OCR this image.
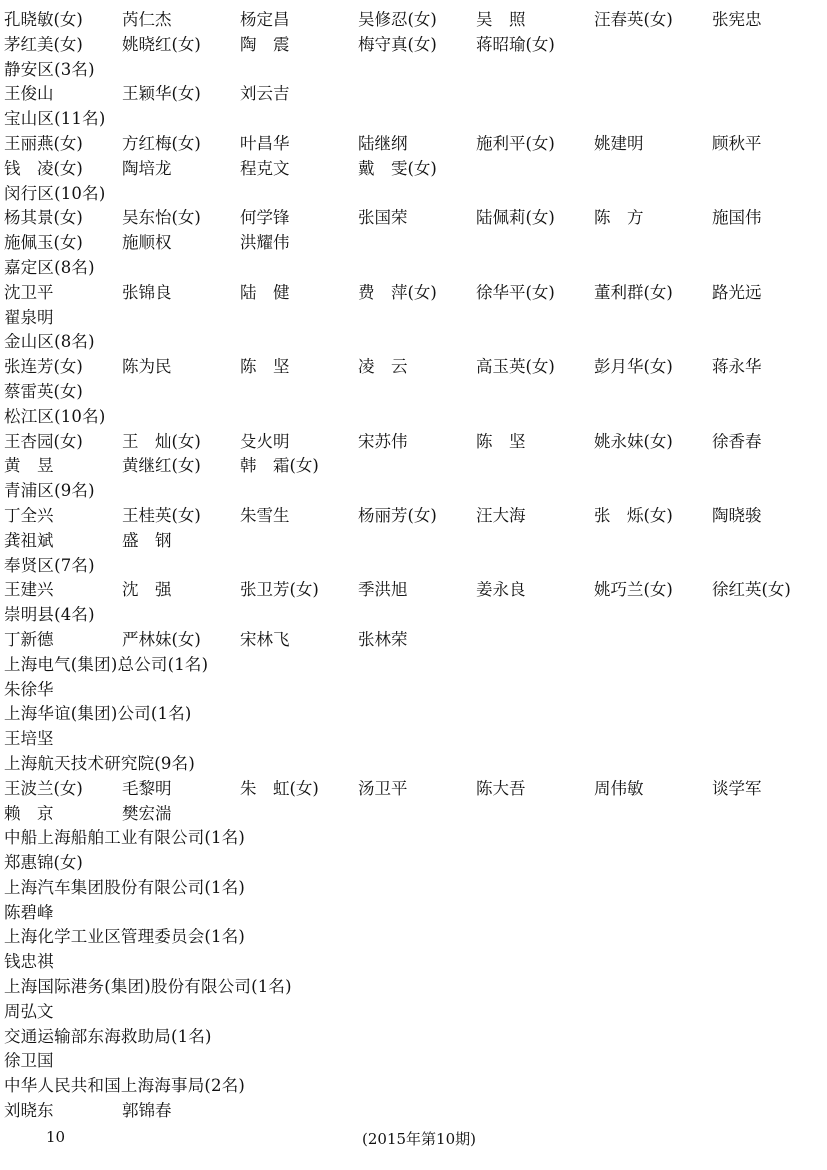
孔晓敏(女)	芮仁杰	杨定昌	吴修忍(女)	吴　照	汪春英(女)	张宪忠
茅红美(女)	姚晓红(女)	陶　震	梅守真(女)	蒋昭瑜(女)
静安区(3名)
王俊山	王颖华(女)	刘云吉
宝山区(11名)
王丽燕(女)	方红梅(女)	叶昌华	陆继纲	施利平(女)	姚建明	顾秋平
钱　凌(女)	陶培龙	程克文	戴　雯(女)
闵行区(10名)
杨其景(女)	吴东怡(女)	何学锋	张国荣	陆佩莉(女)	陈　方	施国伟
施佩玉(女)	施顺权	洪耀伟
嘉定区(8名)
沈卫平	张锦良	陆　健	费　萍(女)	徐华平(女)	董利群(女)	路光远
翟泉明
金山区(8名)
张连芳(女)	陈为民	陈　坚	凌　云	高玉英(女)	彭月华(女)	蒋永华
蔡雷英(女)
松江区(10名)
王杏园(女)	王　灿(女)	殳火明	宋苏伟	陈　坚	姚永妹(女)	徐香春
黄　昱	黄继红(女)	韩　霜(女)
青浦区(9名)
丁全兴	王桂英(女)	朱雪生	杨丽芳(女)	汪大海	张　烁(女)	陶晓骏
龚祖斌	盛　钢
奉贤区(7名)
王建兴	沈　强	张卫芳(女)	季洪旭	姜永良	姚巧兰(女)	徐红英(女)
崇明县(4名)
丁新德	严林妹(女)	宋林飞	张林荣
上海电气(集团)总公司(1名)
朱徐华
上海华谊(集团)公司(1名)
王培坚
上海航天技术研究院(9名)
王波兰(女)	毛黎明	朱　虹(女)	汤卫平	陈大吾	周伟敏	谈学军
赖　京	樊宏湍
中船上海船舶工业有限公司(1名)
郑惠锦(女)
上海汽车集团股份有限公司(1名)
陈碧峰
上海化学工业区管理委员会(1名)
钱忠祺
上海国际港务(集团)股份有限公司(1名)
周弘文
交通运输部东海救助局(1名)
徐卫国
中华人民共和国上海海事局(2名)
刘晓东	郭锦春
10	(2015年第10期)
